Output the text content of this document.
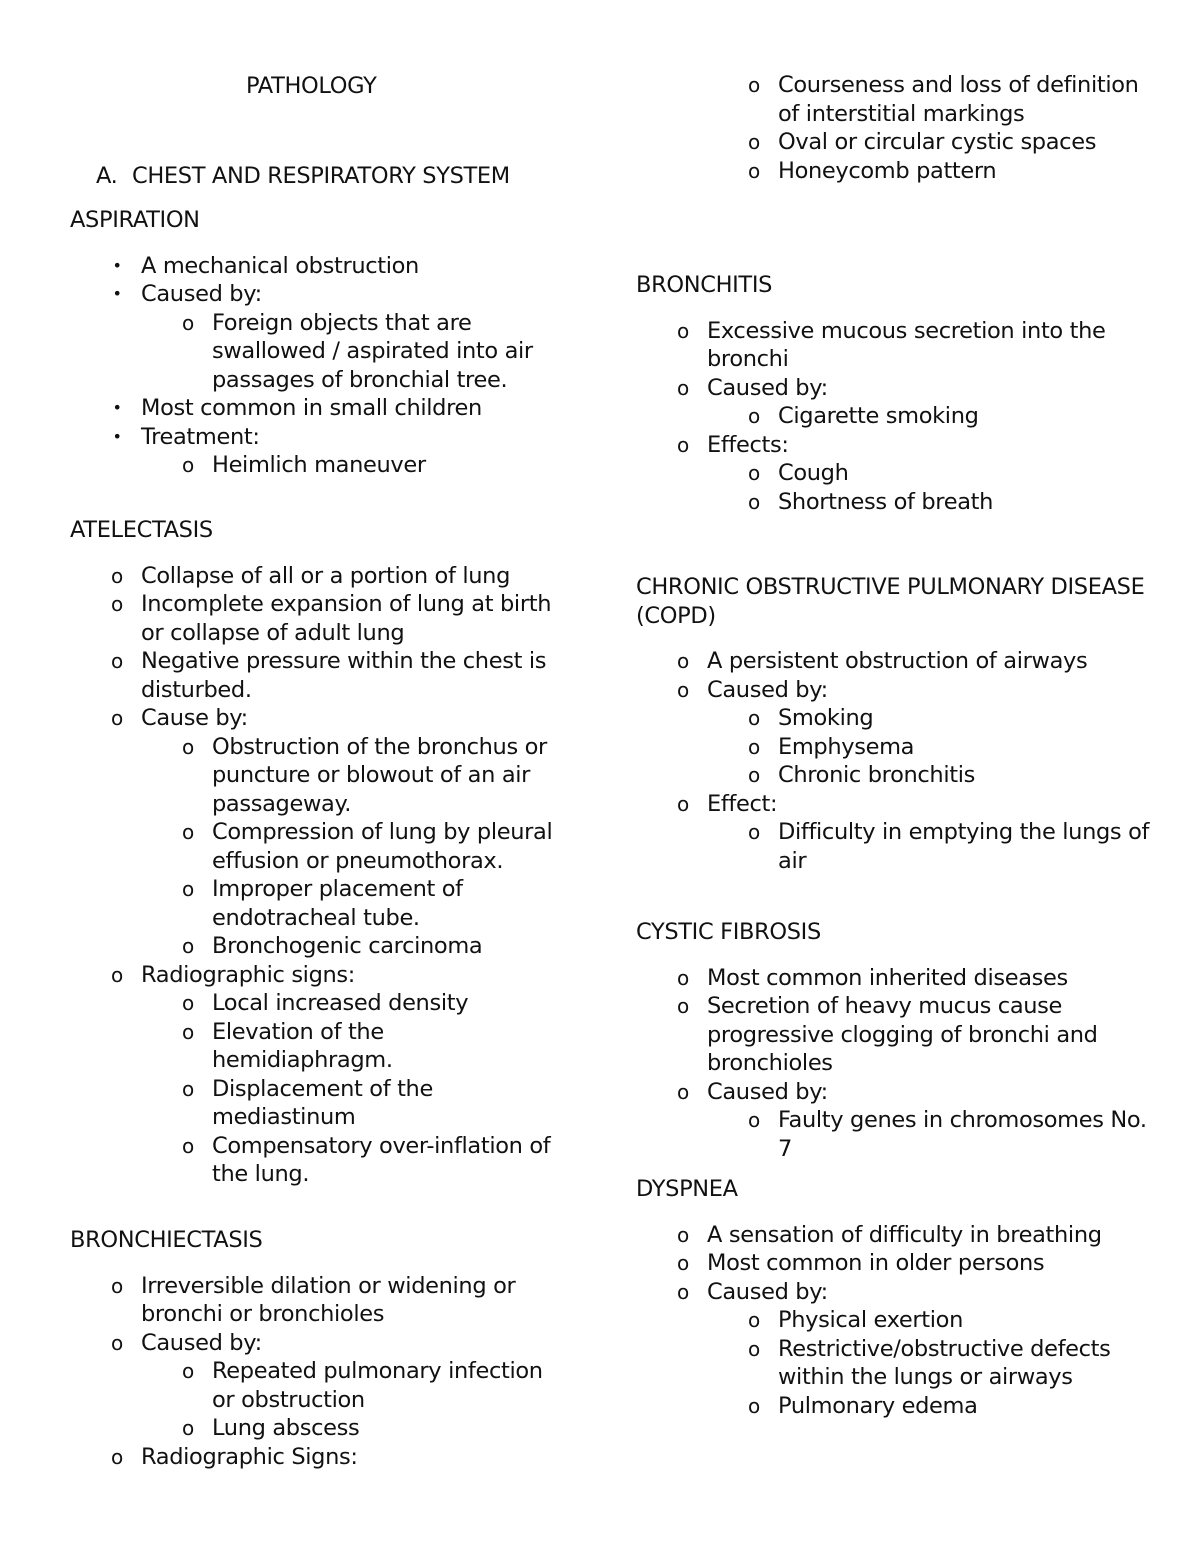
PATHOLOGY
A. CHEST AND RESPIRATORY SYSTEM
ASPIRATION
• A mechanical obstruction
• Caused by:
o Foreign objects that are swallowed / aspirated into air passages of bronchial tree.
• Most common in small children
• Treatment:
o Heimlich maneuver
ATELECTASIS
o Collapse of all or a portion of lung
o Incomplete expansion of lung at birth or collapse of adult lung
o Negative pressure within the chest is disturbed.
o Cause by:
o Obstruction of the bronchus or puncture or blowout of an air passageway.
o Compression of lung by pleural effusion or pneumothorax.
o Improper placement of endotracheal tube.
o Bronchogenic carcinoma
o Radiographic signs:
o Local increased density
o Elevation of the hemidiaphragm.
o Displacement of the mediastinum
o Compensatory over-inflation of the lung.
BRONCHIECTASIS
o Irreversible dilation or widening or bronchi or bronchioles
o Caused by:
o Repeated pulmonary infection or obstruction
o Lung abscess
o Radiographic Signs:
o Courseness and loss of definition of interstitial markings
o Oval or circular cystic spaces
o Honeycomb pattern
BRONCHITIS
o Excessive mucous secretion into the bronchi
o Caused by:
o Cigarette smoking
o Effects:
o Cough
o Shortness of breath
CHRONIC OBSTRUCTIVE PULMONARY DISEASE (COPD)
o A persistent obstruction of airways
o Caused by:
o Smoking
o Emphysema
o Chronic bronchitis
o Effect:
o Difficulty in emptying the lungs of air
CYSTIC FIBROSIS
o Most common inherited diseases
o Secretion of heavy mucus cause progressive clogging of bronchi and bronchioles
o Caused by:
o Faulty genes in chromosomes No. 7
DYSPNEA
o A sensation of difficulty in breathing
o Most common in older persons
o Caused by:
o Physical exertion
o Restrictive/obstructive defects within the lungs or airways
o Pulmonary edema
